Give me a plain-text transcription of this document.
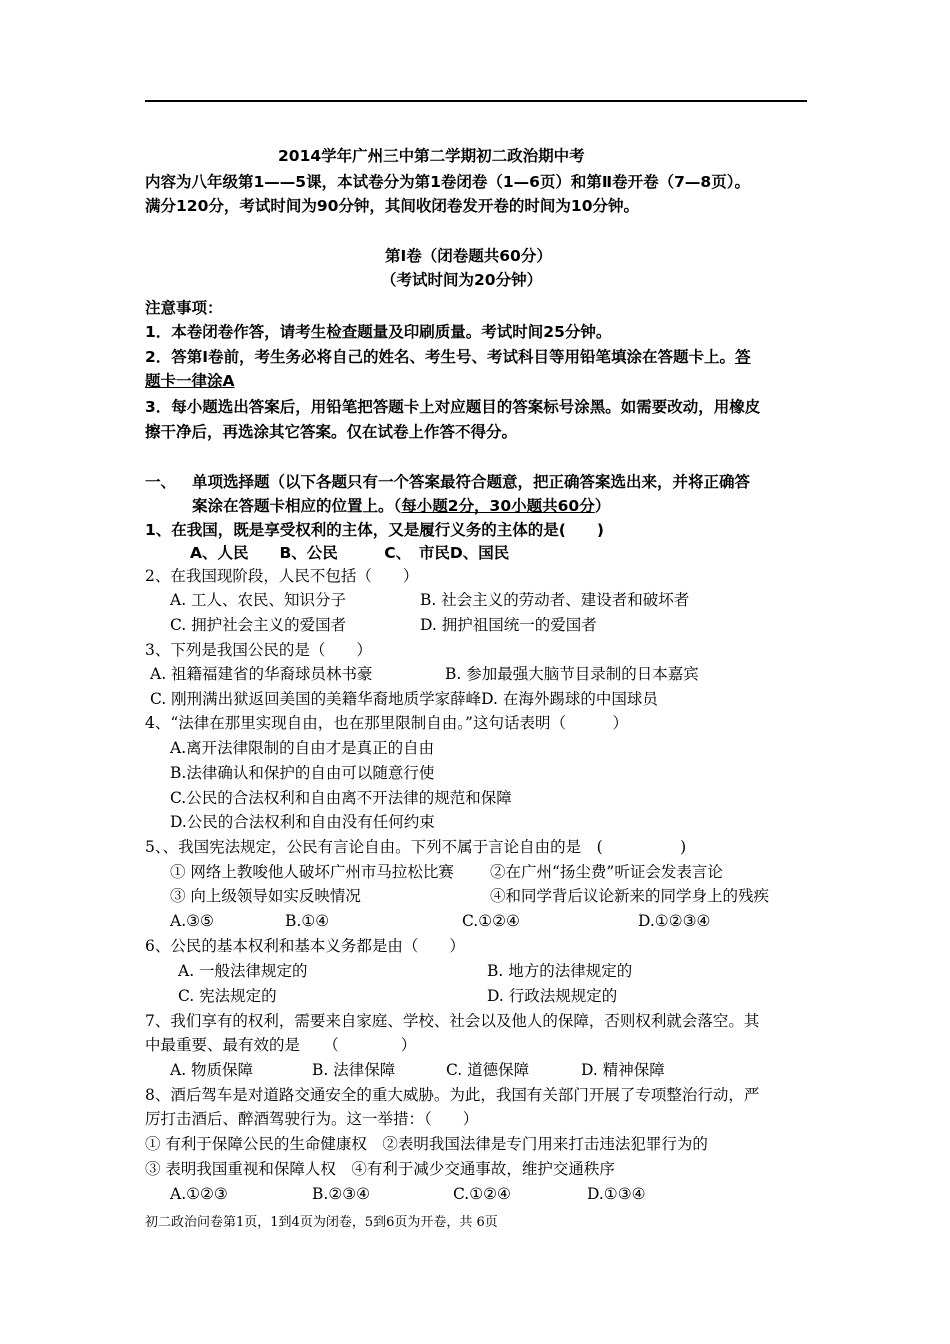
2014学年广州三中第二学期初二政治期中考
内容为八年级第1——5课，本试卷分为第1卷闭卷（1—6页）和第Ⅱ卷开卷（7—8页）。
满分120分，考试时间为90分钟，其间收闭卷发开卷的时间为10分钟。
第I卷（闭卷题共60分）
（考试时间为20分钟）
注意事项：
1．本卷闭卷作答，请考生检查题量及印刷质量。考试时间25分钟。
2．答第I卷前，考生务必将自己的姓名、考生号、考试科目等用铅笔填涂在答题卡上。答
题卡一律涂A
3．每小题选出答案后，用铅笔把答题卡上对应题目的答案标号涂黑。如需要改动，用橡皮
擦干净后，再选涂其它答案。仅在试卷上作答不得分。
一、 单项选择题（以下各题只有一个答案最符合题意，把正确答案选出来，并将正确答
案涂在答题卡相应的位置上。（每小题2分，30小题共60分）
1、在我国，既是享受权利的主体，又是履行义务的主体的是(　　)
A、人民　　B、公民　　　C、　市民D、国民
2、在我国现阶段，人民不包括（　　）
A. 工人、农民、知识分子	B. 社会主义的劳动者、建设者和破坏者
C. 拥护社会主义的爱国者	D. 拥护祖国统一的爱国者
3、下列是我国公民的是（　　）
A. 祖籍福建省的华裔球员林书豪	B. 参加最强大脑节目录制的日本嘉宾
C. 刚刑满出狱返回美国的美籍华裔地质学家薛峰D. 在海外踢球的中国球员
4、“法律在那里实现自由，也在那里限制自由。”这句话表明（　　　）
A.离开法律限制的自由才是真正的自由
B.法律确认和保护的自由可以随意行使
C.公民的合法权利和自由离不开法律的规范和保障
D.公民的合法权利和自由没有任何约束
5、、我国宪法规定，公民有言论自由。下列不属于言论自由的是　(　　　　　)
① 网络上教唆他人破坏广州市马拉松比赛 ②在广州“扬尘费”听证会发表言论
③ 向上级领导如实反映情况	④和同学背后议论新来的同学身上的残疾
A.③⑤	B.①④	C.①②④	D.①②③④
6、公民的基本权利和基本义务都是由（　　）
A. 一般法律规定的	B. 地方的法律规定的
C. 宪法规定的	D. 行政法规规定的
7、我们享有的权利，需要来自家庭、学校、社会以及他人的保障，否则权利就会落空。其
中最重要、最有效的是　　（　　　　）
A. 物质保障	B. 法律保障	C. 道德保障	D. 精神保障
8、酒后驾车是对道路交通安全的重大威胁。为此，我国有关部门开展了专项整治行动，严
厉打击酒后、醉酒驾驶行为。这一举措：（　　）
① 有利于保障公民的生命健康权　②表明我国法律是专门用来打击违法犯罪行为的
③ 表明我国重视和保障人权　④有利于减少交通事故，维护交通秩序
A.①②③	B.②③④	C.①②④	D.①③④
初二政治问卷第1页，1到4页为闭卷，5到6页为开卷，共 6页
